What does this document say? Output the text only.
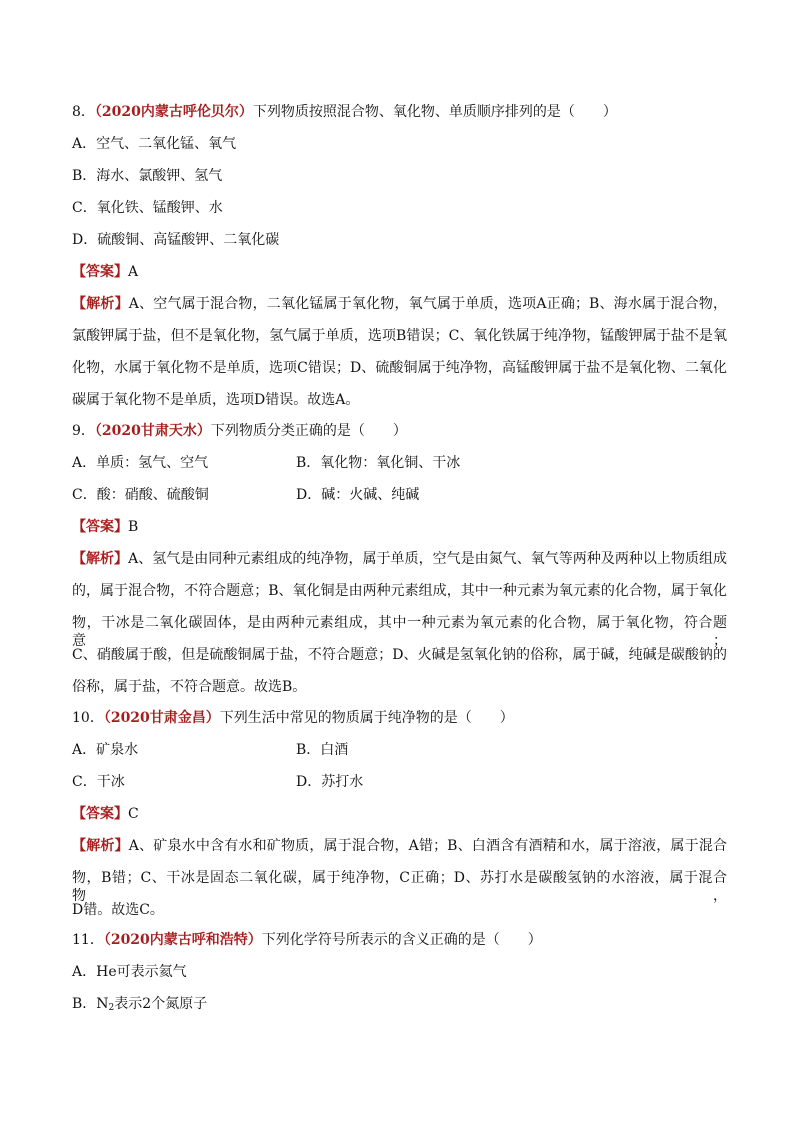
8．（2020内蒙古呼伦贝尔）下列物质按照混合物、氧化物、单质顺序排列的是（　　）
A．空气、二氧化锰、氧气
B．海水、氯酸钾、氢气
C．氧化铁、锰酸钾、水
D．硫酸铜、高锰酸钾、二氧化碳
【答案】A
【解析】A、空气属于混合物，二氧化锰属于氧化物，氧气属于单质，选项A正确；B、海水属于混合物，
氯酸钾属于盐，但不是氧化物，氢气属于单质，选项B错误；C、氧化铁属于纯净物，锰酸钾属于盐不是氧
化物，水属于氧化物不是单质，选项C错误；D、硫酸铜属于纯净物，高锰酸钾属于盐不是氧化物、二氧化
碳属于氧化物不是单质，选项D错误。故选A。
9．（2020甘肃天水）下列物质分类正确的是（　　）
A．单质：氢气、空气	B．氧化物：氧化铜、干冰
C．酸：硝酸、硫酸铜	D．碱：火碱、纯碱
【答案】B
【解析】A、氢气是由同种元素组成的纯净物，属于单质，空气是由氮气、氧气等两种及两种以上物质组成
的，属于混合物，不符合题意；B、氧化铜是由两种元素组成，其中一种元素为氧元素的化合物，属于氧化
物，干冰是二氧化碳固体，是由两种元素组成，其中一种元素为氧元素的化合物，属于氧化物，符合题意；
C、硝酸属于酸，但是硫酸铜属于盐，不符合题意；D、火碱是氢氧化钠的俗称，属于碱，纯碱是碳酸钠的
俗称，属于盐，不符合题意。故选B。
10．（2020甘肃金昌）下列生活中常见的物质属于纯净物的是（　　）
A．矿泉水	B．白酒
C．干冰	D．苏打水
【答案】C
【解析】A、矿泉水中含有水和矿物质，属于混合物，A错；B、白酒含有酒精和水，属于溶液，属于混合
物，B错；C、干冰是固态二氧化碳，属于纯净物，C正确；D、苏打水是碳酸氢钠的水溶液，属于混合物，
D错。故选C。
11．（2020内蒙古呼和浩特）下列化学符号所表示的含义正确的是（　　）
A．He可表示氦气
B．$N_2$表示2个氮原子
